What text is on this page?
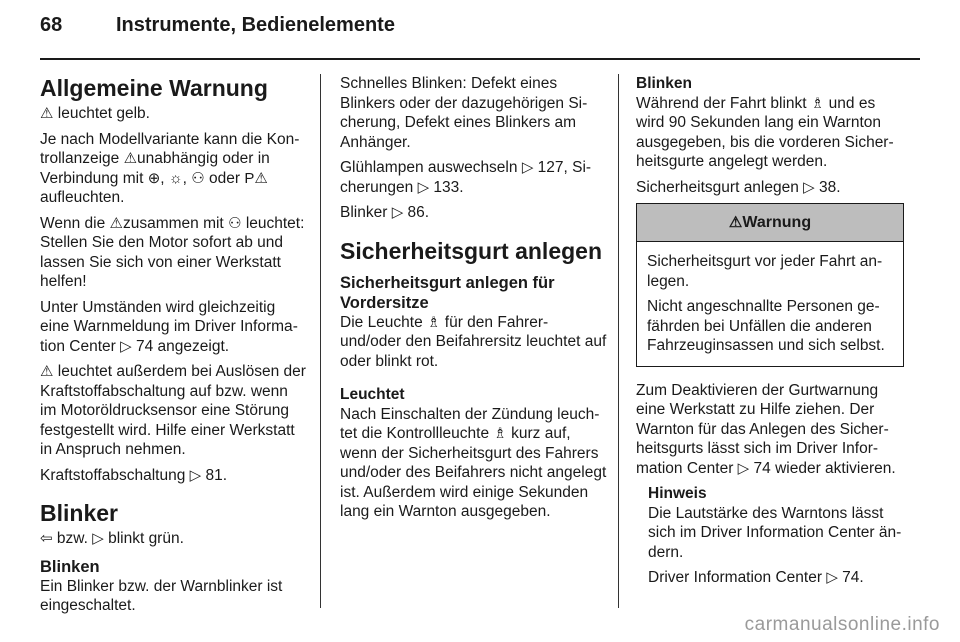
68	Instrumente, Bedienelemente
Allgemeine Warnung

⚠ leuchtet gelb.

Je nach Modellvariante kann die Kontrollanzeige ⚠unabhängig oder in Verbindung mit ⊕, ☼, ⚇ oder P⚠ aufleuchten.

Wenn die ⚠zusammen mit ⚇ leuchtet: Stellen Sie den Motor sofort ab und lassen Sie sich von einer Werkstatt helfen!

Unter Umständen wird gleichzeitig eine Warnmeldung im Driver Information Center ▷ 74 angezeigt.

⚠ leuchtet außerdem bei Auslösen der Kraftstoffabschaltung auf bzw. wenn im Motoröldrucksensor eine Störung festgestellt wird. Hilfe einer Werkstatt in Anspruch nehmen.

Kraftstoffabschaltung ▷ 81.

Blinker

⇦ bzw. ▷ blinkt grün.

Blinken

Ein Blinker bzw. der Warnblinker ist eingeschaltet.

Schnelles Blinken: Defekt eines Blinkers oder der dazugehörigen Sicherung, Defekt eines Blinkers am Anhänger.

Glühlampen auswechseln ▷ 127, Sicherungen ▷ 133.

Blinker ▷ 86.

Sicherheitsgurt anlegen
Sicherheitsgurt anlegen für Vordersitze

Die Leuchte ♗ für den Fahrer- und/oder den Beifahrersitz leuchtet auf oder blinkt rot.

Leuchtet

Nach Einschalten der Zündung leuchtet die Kontrollleuchte ♗ kurz auf, wenn der Sicherheitsgurt des Fahrers und/oder des Beifahrers nicht angelegt ist. Außerdem wird einige Sekunden lang ein Warnton ausgegeben.

Blinken

Während der Fahrt blinkt ♗ und es wird 90 Sekunden lang ein Warnton ausgegeben, bis die vorderen Sicherheitsgurte angelegt werden.

Sicherheitsgurt anlegen ▷ 38.

⚠ Warnung

Sicherheitsgurt vor jeder Fahrt anlegen.

Nicht angeschnallte Personen gefährden bei Unfällen die anderen Fahrzeuginsassen und sich selbst.

Zum Deaktivieren der Gurtwarnung eine Werkstatt zu Hilfe ziehen. Der Warnton für das Anlegen des Sicherheitsgurts lässt sich im Driver Information Center ▷ 74 wieder aktivieren.

Hinweis

Die Lautstärke des Warntons lässt sich im Driver Information Center ändern.

Driver Information Center ▷ 74.

carmanualsonline.info
